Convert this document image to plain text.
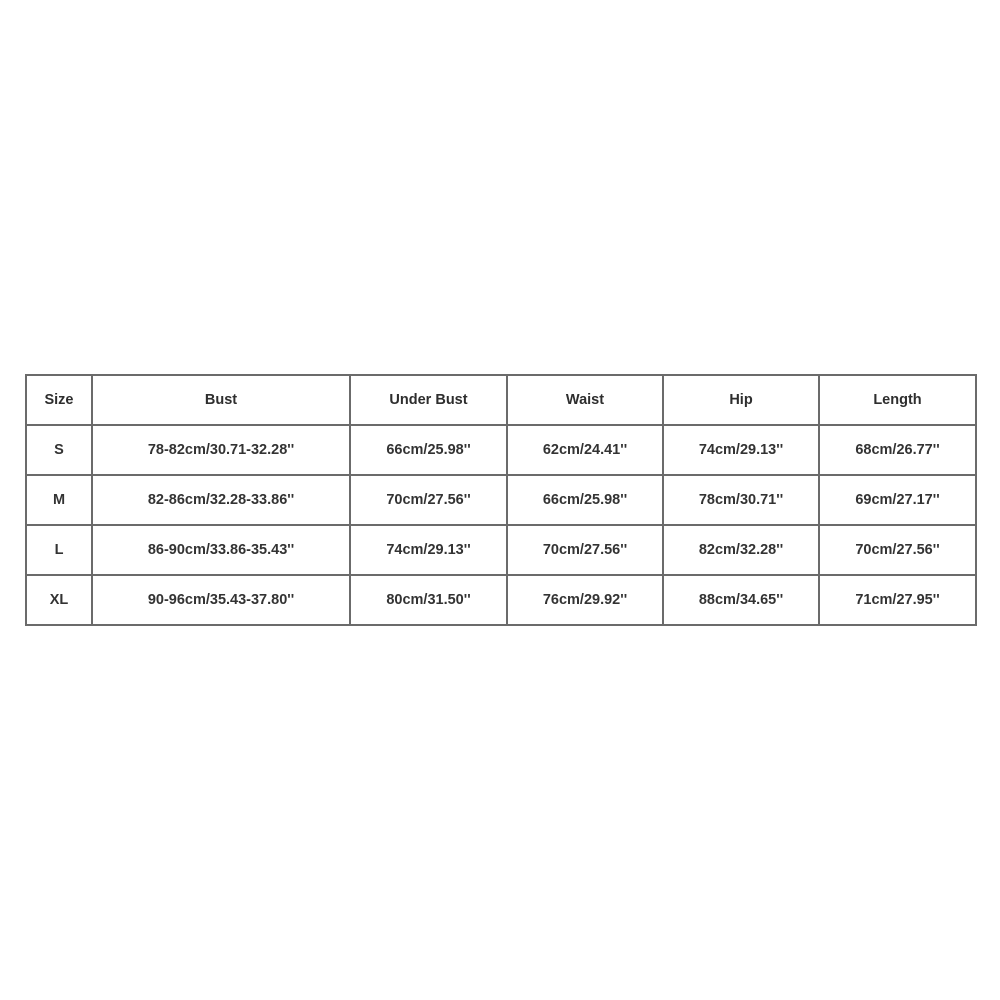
Size	Bust	Under Bust	Waist	Hip	Length
S	78-82cm/30.71-32.28''	66cm/25.98''	62cm/24.41''	74cm/29.13''	68cm/26.77''
M	82-86cm/32.28-33.86''	70cm/27.56''	66cm/25.98''	78cm/30.71''	69cm/27.17''
L	86-90cm/33.86-35.43''	74cm/29.13''	70cm/27.56''	82cm/32.28''	70cm/27.56''
XL	90-96cm/35.43-37.80''	80cm/31.50''	76cm/29.92''	88cm/34.65''	71cm/27.95''
